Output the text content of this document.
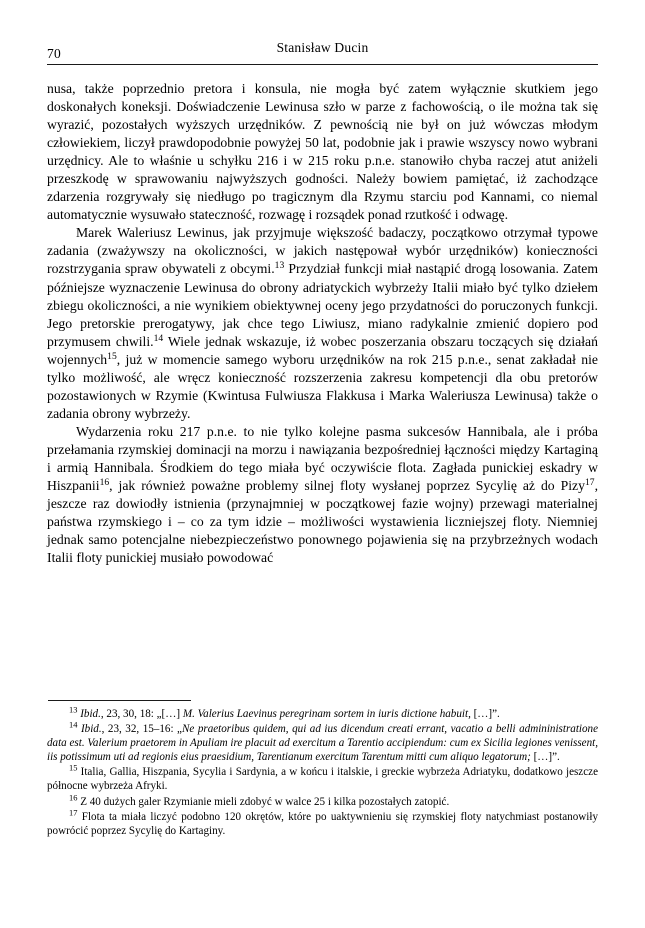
70	Stanisław Ducin

nusa, także poprzednio pretora i konsula, nie mogła być zatem wyłącznie skutkiem jego doskonałych koneksji. Doświadczenie Lewinusa szło w parze z fachowością, o ile można tak się wyrazić, pozostałych wyższych urzędników. Z pewnością nie był on już wówczas młodym człowiekiem, liczył prawdopodobnie powyżej 50 lat, podobnie jak i prawie wszyscy nowo wybrani urzędnicy. Ale to właśnie u schyłku 216 i w 215 roku p.n.e. stanowiło chyba raczej atut aniżeli przeszkodę w sprawowaniu najwyższych godności. Należy bowiem pamiętać, iż zachodzące zdarzenia rozgrywały się niedługo po tragicznym dla Rzymu starciu pod Kannami, co niemal automatycznie wysuwało stateczność, rozwagę i rozsądek ponad rzutkość i odwagę.

Marek Waleriusz Lewinus, jak przyjmuje większość badaczy, początkowo otrzymał typowe zadania (zważywszy na okoliczności, w jakich następował wybór urzędników) konieczności rozstrzygania spraw obywateli z obcymi.$^{13}$ Przydział funkcji miał nastąpić drogą losowania. Zatem późniejsze wyznaczenie Lewinusa do obrony adriatyckich wybrzeży Italii miało być tylko dziełem zbiegu okoliczności, a nie wynikiem obiektywnej oceny jego przydatności do poruczonych funkcji. Jego pretorskie prerogatywy, jak chce tego Liwiusz, miano radykalnie zmienić dopiero pod przymusem chwili.$^{14}$ Wiele jednak wskazuje, iż wobec poszerzania obszaru toczących się działań wojennych$^{15}$, już w momencie samego wyboru urzędników na rok 215 p.n.e., senat zakładał nie tylko możliwość, ale wręcz konieczność rozszerzenia zakresu kompetencji dla obu pretorów pozostawionych w Rzymie (Kwintusa Fulwiusza Flakkusa i Marka Waleriusza Lewinusa) także o zadania obrony wybrzeży.

Wydarzenia roku 217 p.n.e. to nie tylko kolejne pasma sukcesów Hannibala, ale i próba przełamania rzymskiej dominacji na morzu i nawiązania bezpośredniej łączności między Kartaginą i armią Hannibala. Środkiem do tego miała być oczywiście flota. Zagłada punickiej eskadry w Hiszpanii$^{16}$, jak również poważne problemy silnej floty wysłanej poprzez Sycylię aż do Pizy$^{17}$, jeszcze raz dowiodły istnienia (przynajmniej w początkowej fazie wojny) przewagi materialnej państwa rzymskiego i – co za tym idzie – możliwości wystawienia liczniejszej floty. Niemniej jednak samo potencjalne niebezpieczeństwo ponownego pojawienia się na przybrzeżnych wodach Italii floty punickiej musiało powodować

$^{13}$ Ibid., 23, 30, 18: „[…] M. Valerius Laevinus peregrinam sortem in iuris dictione habuit, […]”.

$^{14}$ Ibid., 23, 32, 15–16: „Ne praetoribus quidem, qui ad ius dicendum creati errant, vacatio a belli admininistratione data est. Valerium praetorem in Apuliam ire placuit ad exercitum a Tarentio accipiendum: cum ex Sicilia legiones venissent, iis potissimum uti ad regionis eius praesidium, Tarentianum exercitum Tarentum mitti cum aliquo legatorum; […]”.

$^{15}$ Italia, Gallia, Hiszpania, Sycylia i Sardynia, a w końcu i italskie, i greckie wybrzeża Adriatyku, dodatkowo jeszcze północne wybrzeża Afryki.

$^{16}$ Z 40 dużych galer Rzymianie mieli zdobyć w walce 25 i kilka pozostałych zatopić.

$^{17}$ Flota ta miała liczyć podobno 120 okrętów, które po uaktywnieniu się rzymskiej floty natychmiast postanowiły powrócić poprzez Sycylię do Kartaginy.
